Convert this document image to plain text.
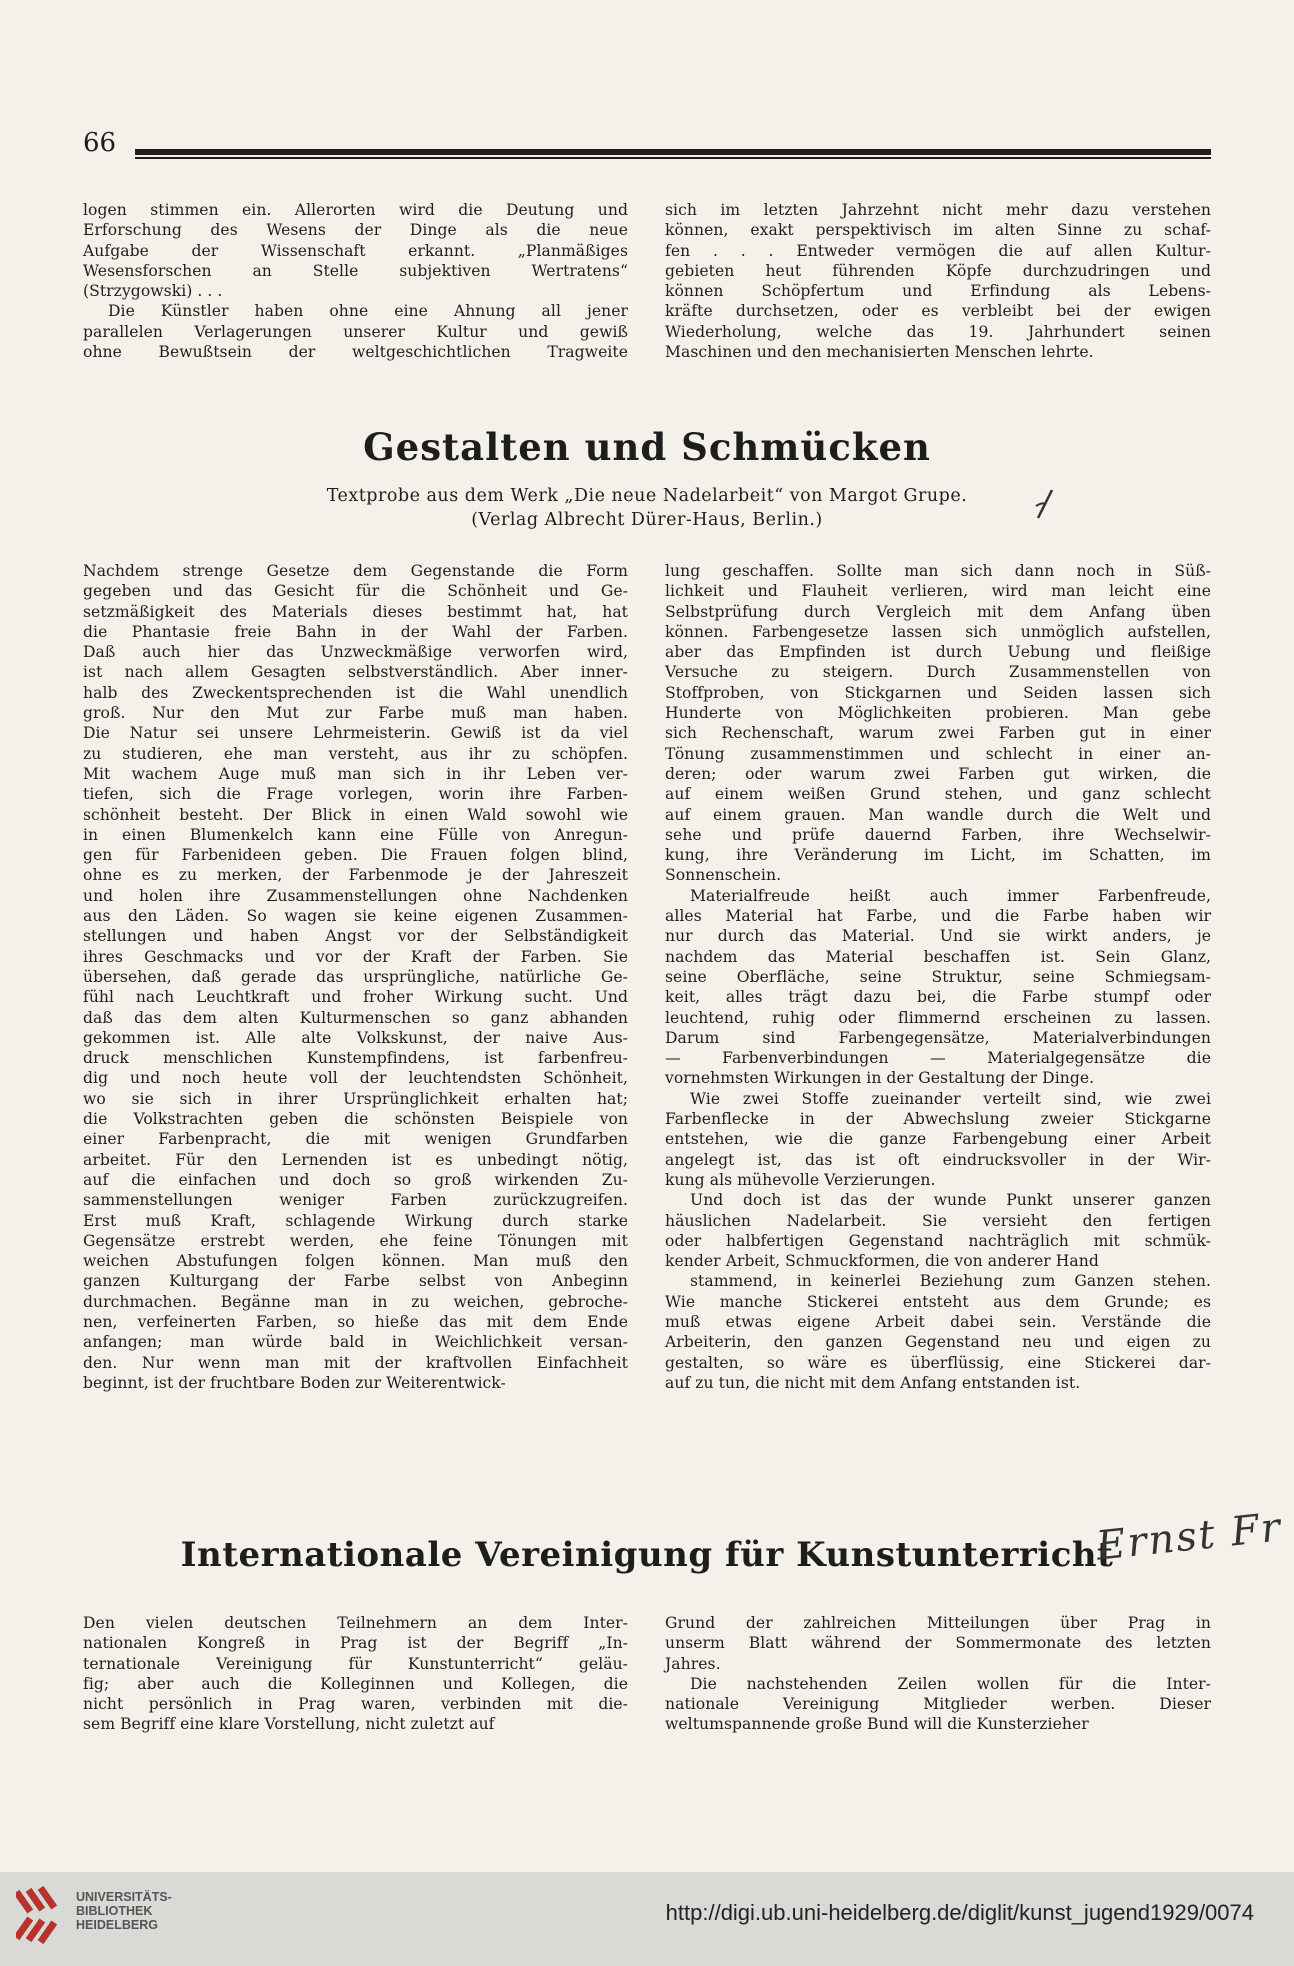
66

logen stimmen ein. Allerorten wird die Deutung und

Erforschung des Wesens der Dinge als die neue

Aufgabe der Wissenschaft erkannt. „Planmäßiges

Wesensforschen an Stelle subjektiven Wertratens“

(Strzygowski) . . .

Die Künstler haben ohne eine Ahnung all jener

parallelen Verlagerungen unserer Kultur und gewiß

ohne Bewußtsein der weltgeschichtlichen Tragweite

sich im letzten Jahrzehnt nicht mehr dazu verstehen

können, exakt perspektivisch im alten Sinne zu schaf-

fen . . . Entweder vermögen die auf allen Kultur-

gebieten heut führenden Köpfe durchzudringen und

können Schöpfertum und Erfindung als Lebens-

kräfte durchsetzen, oder es verbleibt bei der ewigen

Wiederholung, welche das 19. Jahrhundert seinen

Maschinen und den mechanisierten Menschen lehrte.

Gestalten und Schmücken
Textprobe aus dem Werk „Die neue Nadelarbeit“ von Margot Grupe.
(Verlag Albrecht Dürer-Haus, Berlin.)

Nachdem strenge Gesetze dem Gegenstande die Form

gegeben und das Gesicht für die Schönheit und Ge-

setzmäßigkeit des Materials dieses bestimmt hat, hat

die Phantasie freie Bahn in der Wahl der Farben.

Daß auch hier das Unzweckmäßige verworfen wird,

ist nach allem Gesagten selbstverständlich. Aber inner-

halb des Zweckentsprechenden ist die Wahl unendlich

groß. Nur den Mut zur Farbe muß man haben.

Die Natur sei unsere Lehrmeisterin. Gewiß ist da viel

zu studieren, ehe man versteht, aus ihr zu schöpfen.

Mit wachem Auge muß man sich in ihr Leben ver-

tiefen, sich die Frage vorlegen, worin ihre Farben-

schönheit besteht. Der Blick in einen Wald sowohl wie

in einen Blumenkelch kann eine Fülle von Anregun-

gen für Farbenideen geben. Die Frauen folgen blind,

ohne es zu merken, der Farbenmode je der Jahreszeit

und holen ihre Zusammenstellungen ohne Nachdenken

aus den Läden. So wagen sie keine eigenen Zusammen-

stellungen und haben Angst vor der Selbständigkeit

ihres Geschmacks und vor der Kraft der Farben. Sie

übersehen, daß gerade das ursprüngliche, natürliche Ge-

fühl nach Leuchtkraft und froher Wirkung sucht. Und

daß das dem alten Kulturmenschen so ganz abhanden

gekommen ist. Alle alte Volkskunst, der naive Aus-

druck menschlichen Kunstempfindens, ist farbenfreu-

dig und noch heute voll der leuchtendsten Schönheit,

wo sie sich in ihrer Ursprünglichkeit erhalten hat;

die Volkstrachten geben die schönsten Beispiele von

einer Farbenpracht, die mit wenigen Grundfarben

arbeitet. Für den Lernenden ist es unbedingt nötig,

auf die einfachen und doch so groß wirkenden Zu-

sammenstellungen weniger Farben zurückzugreifen.

Erst muß Kraft, schlagende Wirkung durch starke

Gegensätze erstrebt werden, ehe feine Tönungen mit

weichen Abstufungen folgen können. Man muß den

ganzen Kulturgang der Farbe selbst von Anbeginn

durchmachen. Begänne man in zu weichen, gebroche-

nen, verfeinerten Farben, so hieße das mit dem Ende

anfangen; man würde bald in Weichlichkeit versan-

den. Nur wenn man mit der kraftvollen Einfachheit

beginnt, ist der fruchtbare Boden zur Weiterentwick-

lung geschaffen. Sollte man sich dann noch in Süß-

lichkeit und Flauheit verlieren, wird man leicht eine

Selbstprüfung durch Vergleich mit dem Anfang üben

können. Farbengesetze lassen sich unmöglich aufstellen,

aber das Empfinden ist durch Uebung und fleißige

Versuche zu steigern. Durch Zusammenstellen von

Stoffproben, von Stickgarnen und Seiden lassen sich

Hunderte von Möglichkeiten probieren. Man gebe

sich Rechenschaft, warum zwei Farben gut in einer

Tönung zusammenstimmen und schlecht in einer an-

deren; oder warum zwei Farben gut wirken, die

auf einem weißen Grund stehen, und ganz schlecht

auf einem grauen. Man wandle durch die Welt und

sehe und prüfe dauernd Farben, ihre Wechselwir-

kung, ihre Veränderung im Licht, im Schatten, im

Sonnenschein.

Materialfreude heißt auch immer Farbenfreude,

alles Material hat Farbe, und die Farbe haben wir

nur durch das Material. Und sie wirkt anders, je

nachdem das Material beschaffen ist. Sein Glanz,

seine Oberfläche, seine Struktur, seine Schmiegsam-

keit, alles trägt dazu bei, die Farbe stumpf oder

leuchtend, ruhig oder flimmernd erscheinen zu lassen.

Darum sind Farbengegensätze, Materialverbindungen

— Farbenverbindungen — Materialgegensätze die

vornehmsten Wirkungen in der Gestaltung der Dinge.

Wie zwei Stoffe zueinander verteilt sind, wie zwei

Farbenflecke in der Abwechslung zweier Stickgarne

entstehen, wie die ganze Farbengebung einer Arbeit

angelegt ist, das ist oft eindrucksvoller in der Wir-

kung als mühevolle Verzierungen.

Und doch ist das der wunde Punkt unserer ganzen

häuslichen Nadelarbeit. Sie versieht den fertigen

oder halbfertigen Gegenstand nachträglich mit schmük-

kender Arbeit, Schmuckformen, die von anderer Hand

stammend, in keinerlei Beziehung zum Ganzen stehen.

Wie manche Stickerei entsteht aus dem Grunde; es

muß etwas eigene Arbeit dabei sein. Verstände die

Arbeiterin, den ganzen Gegenstand neu und eigen zu

gestalten, so wäre es überflüssig, eine Stickerei dar-

auf zu tun, die nicht mit dem Anfang entstanden ist.

Internationale Vereinigung für Kunstunterricht
Ernst Fr

Den vielen deutschen Teilnehmern an dem Inter-

nationalen Kongreß in Prag ist der Begriff „In-

ternationale Vereinigung für Kunstunterricht“ geläu-

fig; aber auch die Kolleginnen und Kollegen, die

nicht persönlich in Prag waren, verbinden mit die-

sem Begriff eine klare Vorstellung, nicht zuletzt auf

Grund der zahlreichen Mitteilungen über Prag in

unserm Blatt während der Sommermonate des letzten

Jahres.

Die nachstehenden Zeilen wollen für die Inter-

nationale Vereinigung Mitglieder werben. Dieser

weltumspannende große Bund will die Kunsterzieher

UNIVERSITÄTS-
BIBLIOTHEK
HEIDELBERG	http://digi.ub.uni-heidelberg.de/diglit/kunst_jugend1929/0074
